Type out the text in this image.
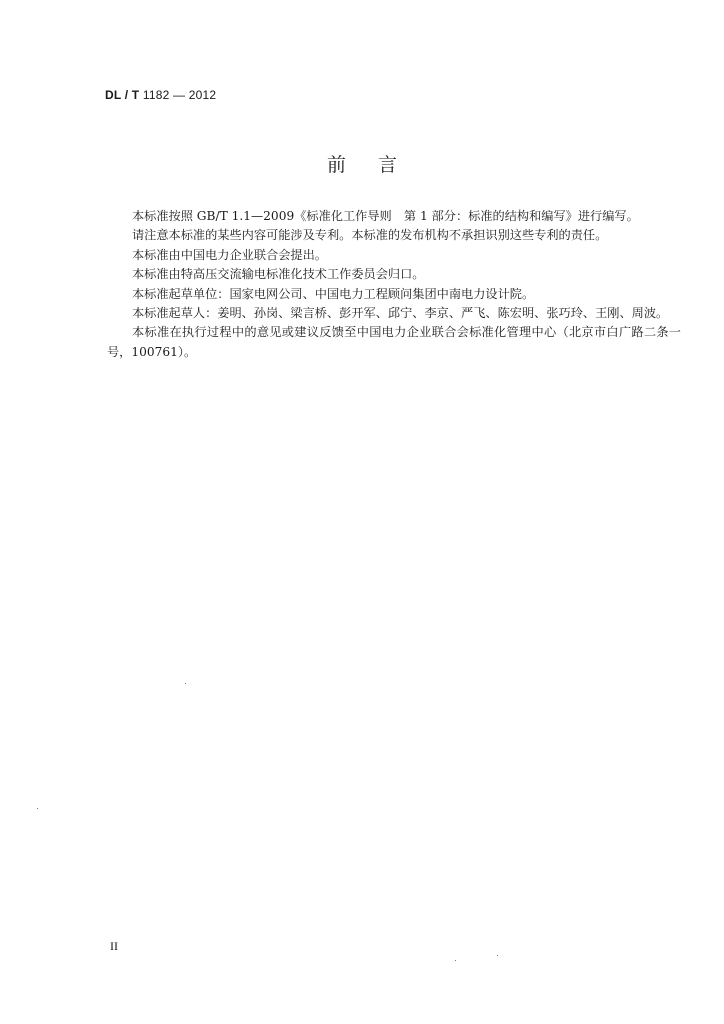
DL / T 1182 — 2012
前言

本标准按照 GB/T 1.1—2009《标准化工作导则　第 1 部分：标准的结构和编写》进行编写。

请注意本标准的某些内容可能涉及专利。本标准的发布机构不承担识别这些专利的责任。

本标准由中国电力企业联合会提出。

本标准由特高压交流输电标准化技术工作委员会归口。

本标准起草单位：国家电网公司、中国电力工程顾问集团中南电力设计院。

本标准起草人：姜明、孙岗、梁言桥、彭开军、邱宁、李京、严飞、陈宏明、张巧玲、王刚、周波。

本标准在执行过程中的意见或建议反馈至中国电力企业联合会标准化管理中心（北京市白广路二条一号，100761）。

II
